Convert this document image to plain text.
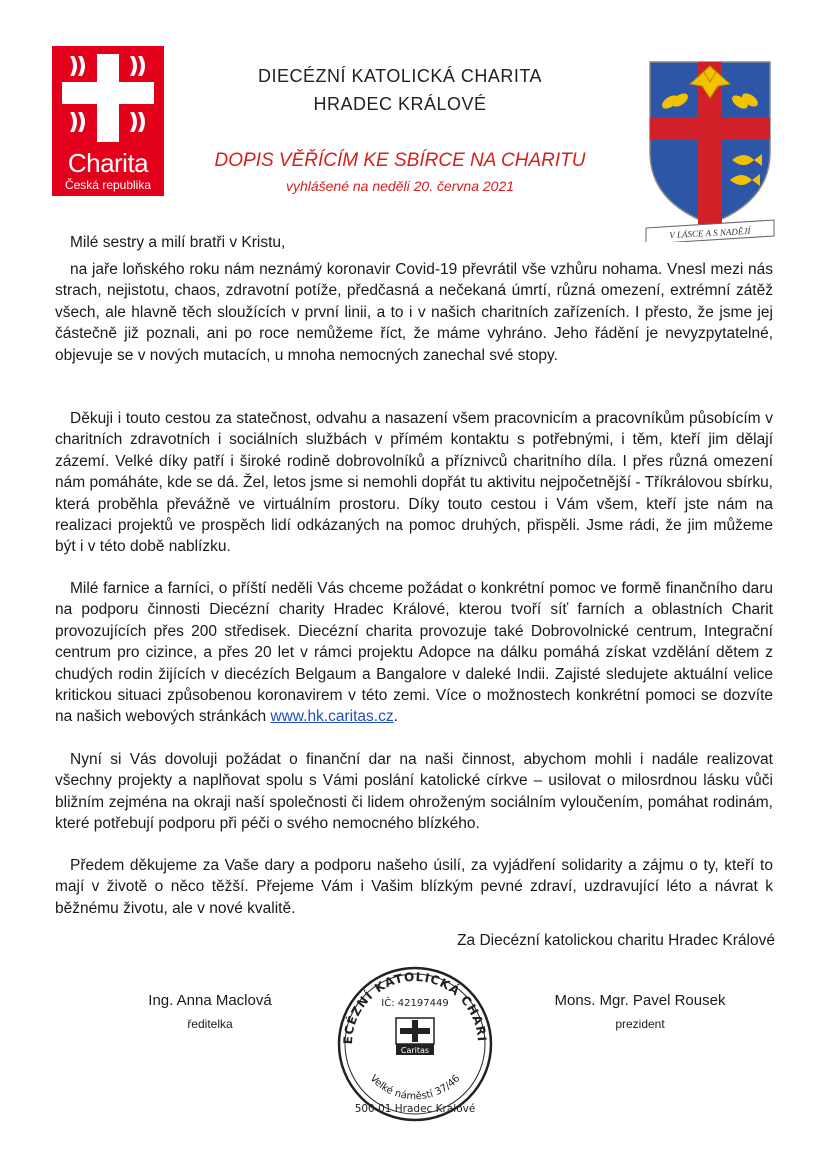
Charita
Česká republika
DIECÉZNÍ KATOLICKÁ CHARITA
HRADEC KRÁLOVÉ
DOPIS VĚŘÍCÍM KE SBÍRCE NA CHARITU
vyhlášené na neděli 20. června 2021
V LÁSCE A S NADĚJÍ
Milé sestry a milí bratři v Kristu,
na jaře loňského roku nám neznámý koronavir Covid-19 převrátil vše vzhůru nohama. Vnesl mezi nás strach, nejistotu, chaos, zdravotní potíže, předčasná a nečekaná úmrtí, různá omezení, extrémní zátěž všech, ale hlavně těch sloužících v první linii, a to i v našich charitních zařízeních. I přesto, že jsme jej částečně již poznali, ani po roce nemůžeme říct, že máme vyhráno. Jeho řádění je nevyzpytatelné, objevuje se v nových mutacích, u mnoha nemocných zanechal své stopy.
Děkuji i touto cestou za statečnost, odvahu a nasazení všem pracovnicím a pracovníkům působícím v charitních zdravotních i sociálních službách v přímém kontaktu s potřebnými, i těm, kteří jim dělají zázemí. Velké díky patří i široké rodině dobrovolníků a příznivců charitního díla. I přes různá omezení nám pomáháte, kde se dá. Žel, letos jsme si nemohli dopřát tu aktivitu nejpočetnější - Tříkrálovou sbírku, která proběhla převážně ve virtuálním prostoru. Díky touto cestou i Vám všem, kteří jste nám na realizaci projektů ve prospěch lidí odkázaných na pomoc druhých, přispěli. Jsme rádi, že jim můžeme být i v této době nablízku.
Milé farnice a farníci, o příští neděli Vás chceme požádat o konkrétní pomoc ve formě finančního daru na podporu činnosti Diecézní charity Hradec Králové, kterou tvoří síť farních a oblastních Charit provozujících přes 200 středisek. Diecézní charita provozuje také Dobrovolnické centrum, Integrační centrum pro cizince, a přes 20 let v rámci projektu Adopce na dálku pomáhá získat vzdělání dětem z chudých rodin žijících v diecézích Belgaum a Bangalore v daleké Indii. Zajisté sledujete aktuální velice kritickou situaci způsobenou koronavirem v této zemi. Více o možnostech konkrétní pomoci se dozvíte na našich webových stránkách www.hk.caritas.cz.
Nyní si Vás dovoluji požádat o finanční dar na naši činnost, abychom mohli i nadále realizovat všechny projekty a naplňovat spolu s Vámi poslání katolické církve – usilovat o milosrdnou lásku vůči bližním zejména na okraji naší společnosti či lidem ohroženým sociálním vyloučením, pomáhat rodinám, které potřebují podporu při péči o svého nemocného blízkého.
Předem děkujeme za Vaše dary a podporu našeho úsilí, za vyjádření solidarity a zájmu o ty, kteří to mají v životě o něco těžší. Přejeme Vám i Vašim blízkým pevné zdraví, uzdravující léto a návrat k běžnému životu, ale v nové kvalitě.
Za Diecézní katolickou charitu Hradec Králové
Ing. Anna Maclová
ředitelka
Mons. Mgr. Pavel Rousek
prezident
ECÉZNÍ KATOLICKÁ CHARI
IČ: 42197449
Caritas
Velké náměstí 37/46
500 01 Hradec Králové
